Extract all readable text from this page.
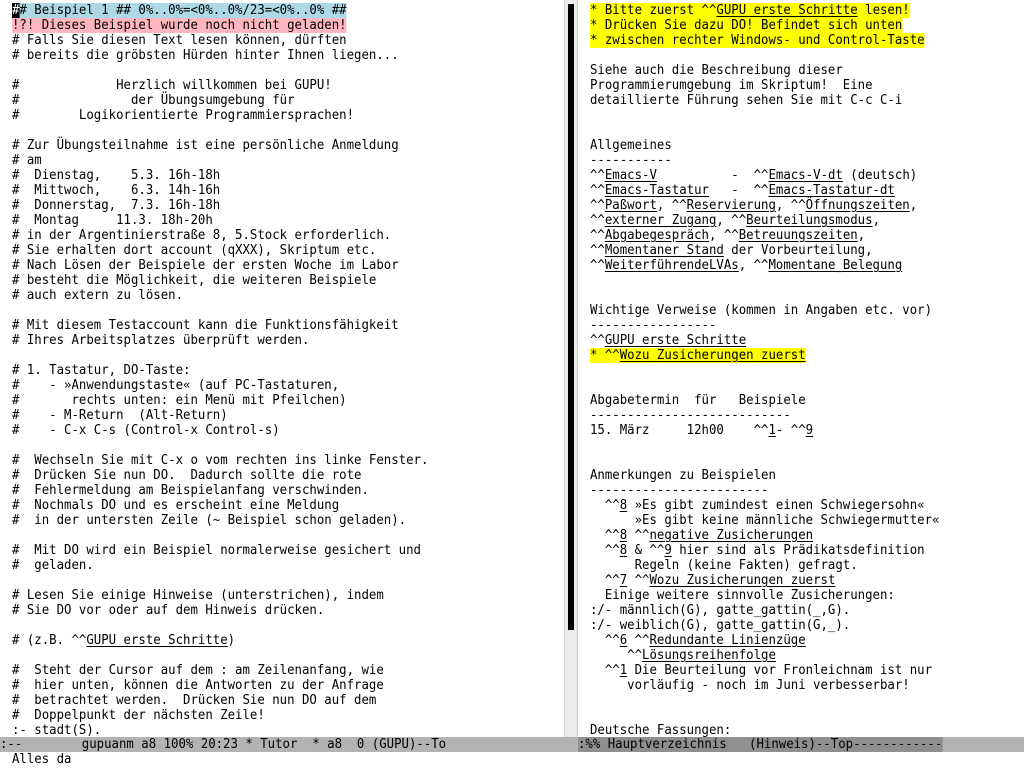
## Beispiel 1 ## 0%..0%=<0%..0%/23=<0%..0% ##
!?! Dieses Beispiel wurde noch nicht geladen!
# Falls Sie diesen Text lesen können, dürften
# bereits die gröbsten Hürden hinter Ihnen liegen...
#             Herzlich willkommen bei GUPU!
#               der Übungsumgebung für
#        Logikorientierte Programmiersprachen!
# Zur Übungsteilnahme ist eine persönliche Anmeldung
# am
#  Dienstag,    5.3. 16h-18h
#  Mittwoch,    6.3. 14h-16h
#  Donnerstag,  7.3. 16h-18h
#  Montag     11.3. 18h-20h
# in der Argentinierstraße 8, 5.Stock erforderlich.
# Sie erhalten dort account (qXXX), Skriptum etc.
# Nach Lösen der Beispiele der ersten Woche im Labor
# besteht die Möglichkeit, die weiteren Beispiele
# auch extern zu lösen.
# Mit diesem Testaccount kann die Funktionsfähigkeit
# Ihres Arbeitsplatzes überprüft werden.
# 1. Tastatur, DO-Taste:
#    - »Anwendungstaste« (auf PC-Tastaturen,
#       rechts unten: ein Menü mit Pfeilchen)
#    - M-Return  (Alt-Return)
#    - C-x C-s (Control-x Control-s)
#  Wechseln Sie mit C-x o vom rechten ins linke Fenster.
#  Drücken Sie nun DO.  Dadurch sollte die rote
#  Fehlermeldung am Beispielanfang verschwinden.
#  Nochmals DO und es erscheint eine Meldung
#  in der untersten Zeile (~ Beispiel schon geladen).
#  Mit DO wird ein Beispiel normalerweise gesichert und
#  geladen.
# Lesen Sie einige Hinweise (unterstrichen), indem
# Sie DO vor oder auf dem Hinweis drücken.
# (z.B. ^^GUPU_erste_Schritte)
#  Steht der Cursor auf dem : am Zeilenanfang, wie
#  hier unten, können die Antworten zu der Anfrage
#  betrachtet werden.  Drücken Sie nun DO auf dem
#  Doppelpunkt der nächsten Zeile!
:- stadt(S).
* Bitte zuerst ^^GUPU_erste_Schritte lesen!
* Drücken Sie dazu DO! Befindet sich unten
* zwischen rechter Windows- und Control-Taste
Siehe auch die Beschreibung dieser
Programmierumgebung im Skriptum!  Eine
detaillierte Führung sehen Sie mit C-c C-i
Allgemeines
-----------
^^Emacs-V          -  ^^Emacs-V-dt (deutsch)
^^Emacs-Tastatur   -  ^^Emacs-Tastatur-dt
^^Paßwort, ^^Reservierung, ^^Öffnungszeiten,
^^externer_Zugang, ^^Beurteilungsmodus,
^^Abgabegespräch, ^^Betreuungszeiten,
^^Momentaner_Stand der Vorbeurteilung,
^^WeiterführendeLVAs, ^^Momentane_Belegung
Wichtige Verweise (kommen in Angaben etc. vor)
-----------------
^^GUPU_erste_Schritte
* ^^Wozu_Zusicherungen_zuerst
Abgabetermin  für   Beispiele
---------------------------
15. März     12h00    ^^1- ^^9
Anmerkungen zu Beispielen
------------------------
^^8 »Es gibt zumindest einen Schwiegersohn«
»Es gibt keine männliche Schwiegermutter«
^^8 ^^negative_Zusicherungen
^^8 & ^^9 hier sind als Prädikatsdefinition
Regeln (keine Fakten) gefragt.
^^7 ^^Wozu_Zusicherungen_zuerst
Einige weitere sinnvolle Zusicherungen:
:/- männlich(G), gatte_gattin(_,G).
:/- weiblich(G), gatte_gattin(G,_).
^^6 ^^Redundante_Linienzüge
^^Lösungsreihenfolge
^^1 Die Beurteilung vor Fronleichnam ist nur
vorläufig - noch im Juni verbesserbar!
Deutsche Fassungen:
:--        gupuanm a8 100% 20:23 * Tutor  * a8  0 (GUPU)--To	:%% Hauptverzeichnis   (Hinweis)--Top------------
Alles da
